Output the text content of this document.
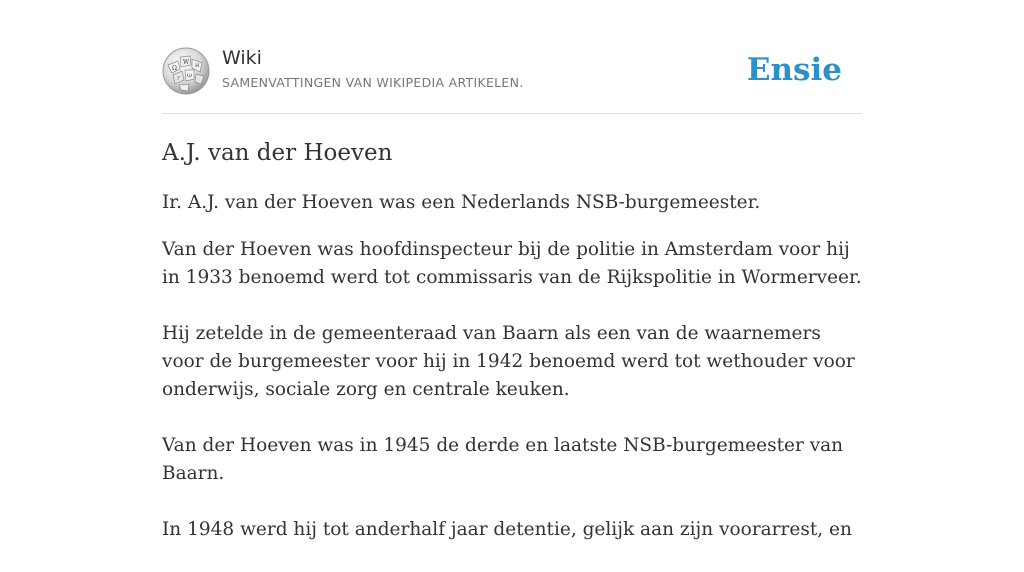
Ω
W И
ω
ア
Wiki
SAMENVATTINGEN VAN WIKIPEDIA ARTIKELEN.	Ensie
A.J. van der Hoeven

Ir. A.J. van der Hoeven was een Nederlands NSB-burgemeester.

Van der Hoeven was hoofdinspecteur bij de politie in Amsterdam voor hij in 1933 benoemd werd tot commissaris van de Rijkspolitie in Wormerveer.

Hij zetelde in de gemeenteraad van Baarn als een van de waarnemers voor de burgemeester voor hij in 1942 benoemd werd tot wethouder voor onderwijs, sociale zorg en centrale keuken.

Van der Hoeven was in 1945 de derde en laatste NSB-burgemeester van Baarn.

In 1948 werd hij tot anderhalf jaar detentie, gelijk aan zijn voorarrest, en
